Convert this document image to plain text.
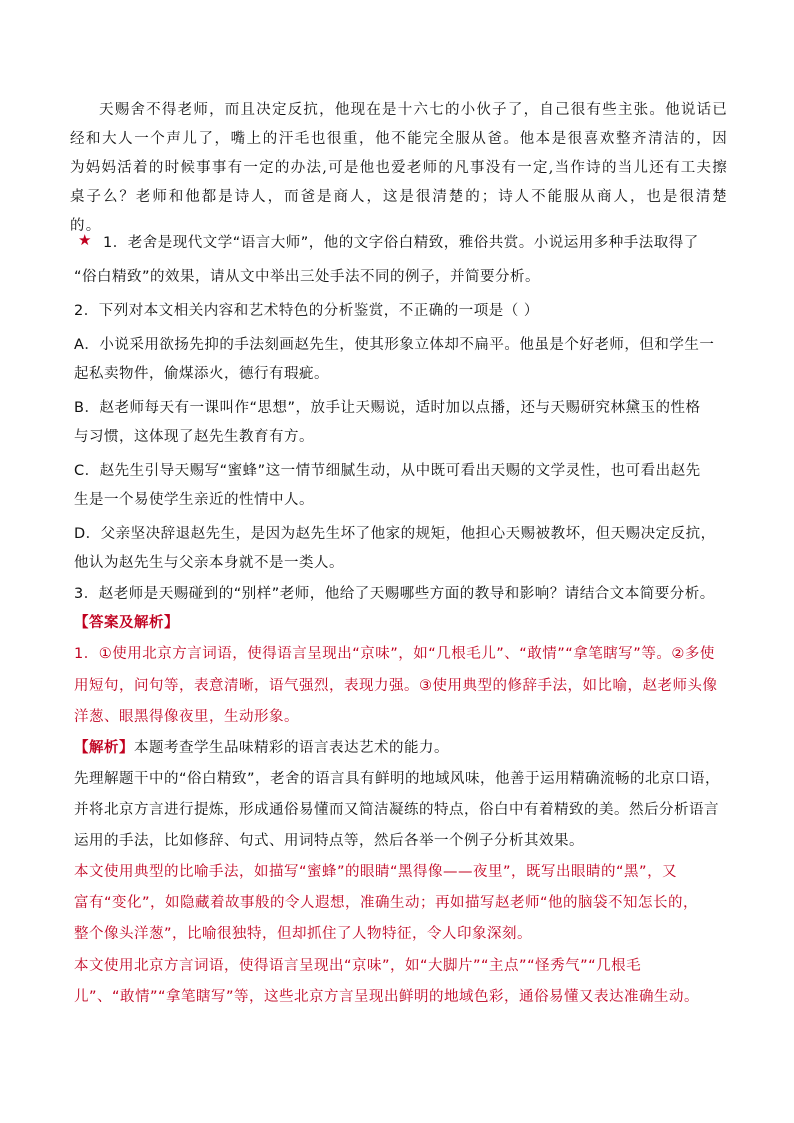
天赐舍不得老师，而且决定反抗，他现在是十六七的小伙子了，自己很有些主张。他说话已经和大人一个声儿了，嘴上的汗毛也很重，他不能完全服从爸。他本是很喜欢整齐清洁的，因为妈妈活着的时候事事有一定的办法,可是他也爱老师的凡事没有一定,当作诗的当儿还有工夫擦桌子么？老师和他都是诗人，而爸是商人，这是很清楚的；诗人不能服从商人，也是很清楚的。

★ 1．老舍是现代文学“语言大师”，他的文字俗白精致，雅俗共赏。小说运用多种手法取得了
“俗白精致”的效果，请从文中举出三处手法不同的例子，并简要分析。
2．下列对本文相关内容和艺术特色的分析鉴赏，不正确的一项是（ ）
A．小说采用欲扬先抑的手法刻画赵先生，使其形象立体却不扁平。他虽是个好老师，但和学生一
起私卖物件，偷煤添火，德行有瑕疵。
B．赵老师每天有一课叫作“思想”，放手让天赐说，适时加以点播，还与天赐研究林黛玉的性格
与习惯，这体现了赵先生教育有方。
C．赵先生引导天赐写“蜜蜂”这一情节细腻生动，从中既可看出天赐的文学灵性，也可看出赵先
生是一个易使学生亲近的性情中人。
D．父亲坚决辞退赵先生，是因为赵先生坏了他家的规矩，他担心天赐被教坏，但天赐决定反抗，
他认为赵先生与父亲本身就不是一类人。
3．赵老师是天赐碰到的“别样”老师，他给了天赐哪些方面的教导和影响？请结合文本简要分析。
【答案及解析】
1．①使用北京方言词语，使得语言呈现出“京味”，如“几根毛儿”、“敢情”“拿笔瞎写”等。②多使
用短句，问句等，表意清晰，语气强烈，表现力强。③使用典型的修辞手法，如比喻，赵老师头像
洋葱、眼黑得像夜里，生动形象。
【解析】本题考查学生品味精彩的语言表达艺术的能力。
先理解题干中的“俗白精致”，老舍的语言具有鲜明的地域风味，他善于运用精确流畅的北京口语，
并将北京方言进行提炼，形成通俗易懂而又简洁凝练的特点，俗白中有着精致的美。然后分析语言
运用的手法，比如修辞、句式、用词特点等，然后各举一个例子分析其效果。
本文使用典型的比喻手法，如描写“蜜蜂”的眼睛“黑得像——夜里”，既写出眼睛的“黑”，又
富有“变化”，如隐藏着故事般的令人遐想，准确生动；再如描写赵老师“他的脑袋不知怎长的，
整个像头洋葱”，比喻很独特，但却抓住了人物特征，令人印象深刻。
本文使用北京方言词语，使得语言呈现出“京味”，如“大脚片”“主点”“怪秀气”“几根毛
儿”、“敢情”“拿笔瞎写”等，这些北京方言呈现出鲜明的地域色彩，通俗易懂又表达准确生动。
